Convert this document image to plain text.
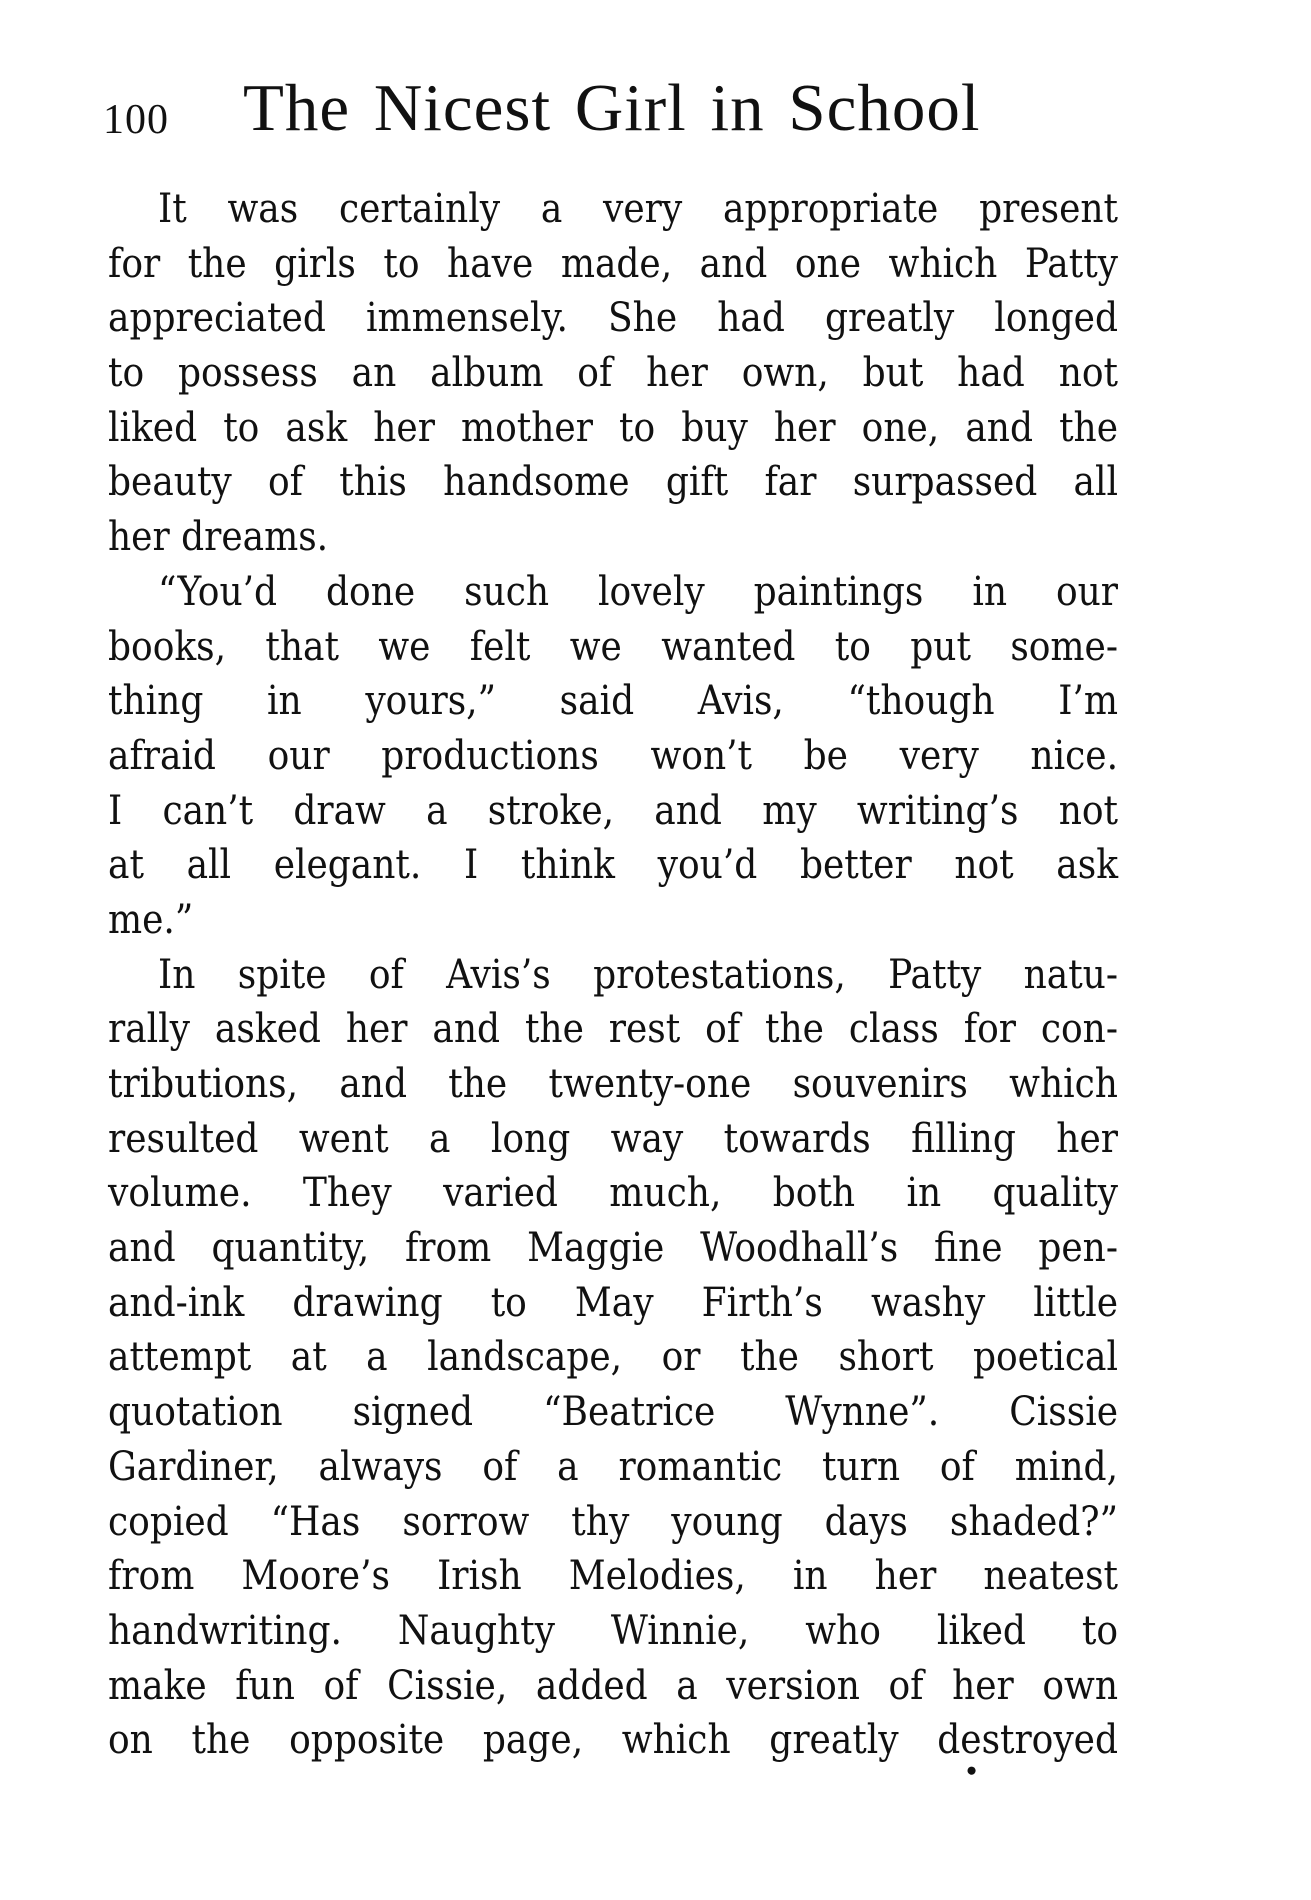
100 The Nicest Girl in School
It was certainly a very appropriate present
for the girls to have made, and one which Patty
appreciated immensely. She had greatly longed
to possess an album of her own, but had not
liked to ask her mother to buy her one, and the
beauty of this handsome gift far surpassed all
her dreams.
“You’d done such lovely paintings in our
books, that we felt we wanted to put some-
thing in yours,” said Avis, “though I’m
afraid our productions won’t be very nice.
I can’t draw a stroke, and my writing’s not
at all elegant. I think you’d better not ask
me.”
In spite of Avis’s protestations, Patty natu-
rally asked her and the rest of the class for con-
tributions, and the twenty-one souvenirs which
resulted went a long way towards filling her
volume. They varied much, both in quality
and quantity, from Maggie Woodhall’s fine pen-
and-ink drawing to May Firth’s washy little
attempt at a landscape, or the short poetical
quotation signed “Beatrice Wynne”. Cissie
Gardiner, always of a romantic turn of mind,
copied “Has sorrow thy young days shaded?”
from Moore’s Irish Melodies, in her neatest
handwriting. Naughty Winnie, who liked to
make fun of Cissie, added a version of her own
on the opposite page, which greatly destroyed
•
